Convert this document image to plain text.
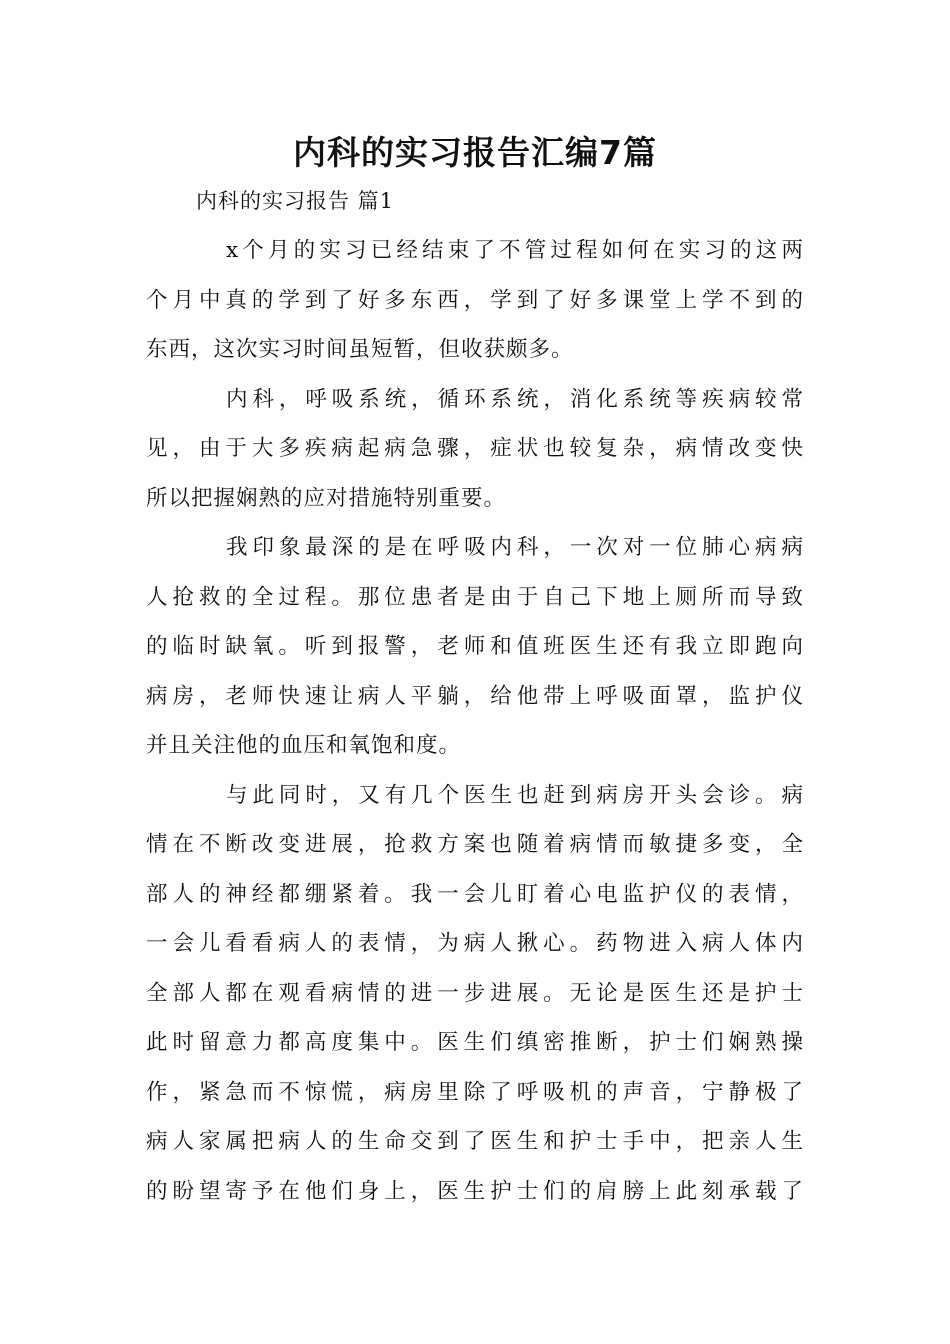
内科的实习报告汇编7篇

内科的实习报告 篇1

x个月的实习已经结束了不管过程如何在实习的这两
个月中真的学到了好多东西，学到了好多课堂上学不到的
东西，这次实习时间虽短暂，但收获颇多。
内科，呼吸系统，循环系统，消化系统等疾病较常
见，由于大多疾病起病急骤，症状也较复杂，病情改变快
所以把握娴熟的应对措施特别重要。
我印象最深的是在呼吸内科，一次对一位肺心病病
人抢救的全过程。那位患者是由于自己下地上厕所而导致
的临时缺氧。听到报警，老师和值班医生还有我立即跑向
病房，老师快速让病人平躺，给他带上呼吸面罩，监护仪
并且关注他的血压和氧饱和度。
与此同时，又有几个医生也赶到病房开头会诊。病
情在不断改变进展，抢救方案也随着病情而敏捷多变，全
部人的神经都绷紧着。我一会儿盯着心电监护仪的表情，
一会儿看看病人的表情，为病人揪心。药物进入病人体内
全部人都在观看病情的进一步进展。无论是医生还是护士
此时留意力都高度集中。医生们缜密推断，护士们娴熟操
作，紧急而不惊慌，病房里除了呼吸机的声音，宁静极了
病人家属把病人的生命交到了医生和护士手中，把亲人生
的盼望寄予在他们身上，医生护士们的肩膀上此刻承载了
